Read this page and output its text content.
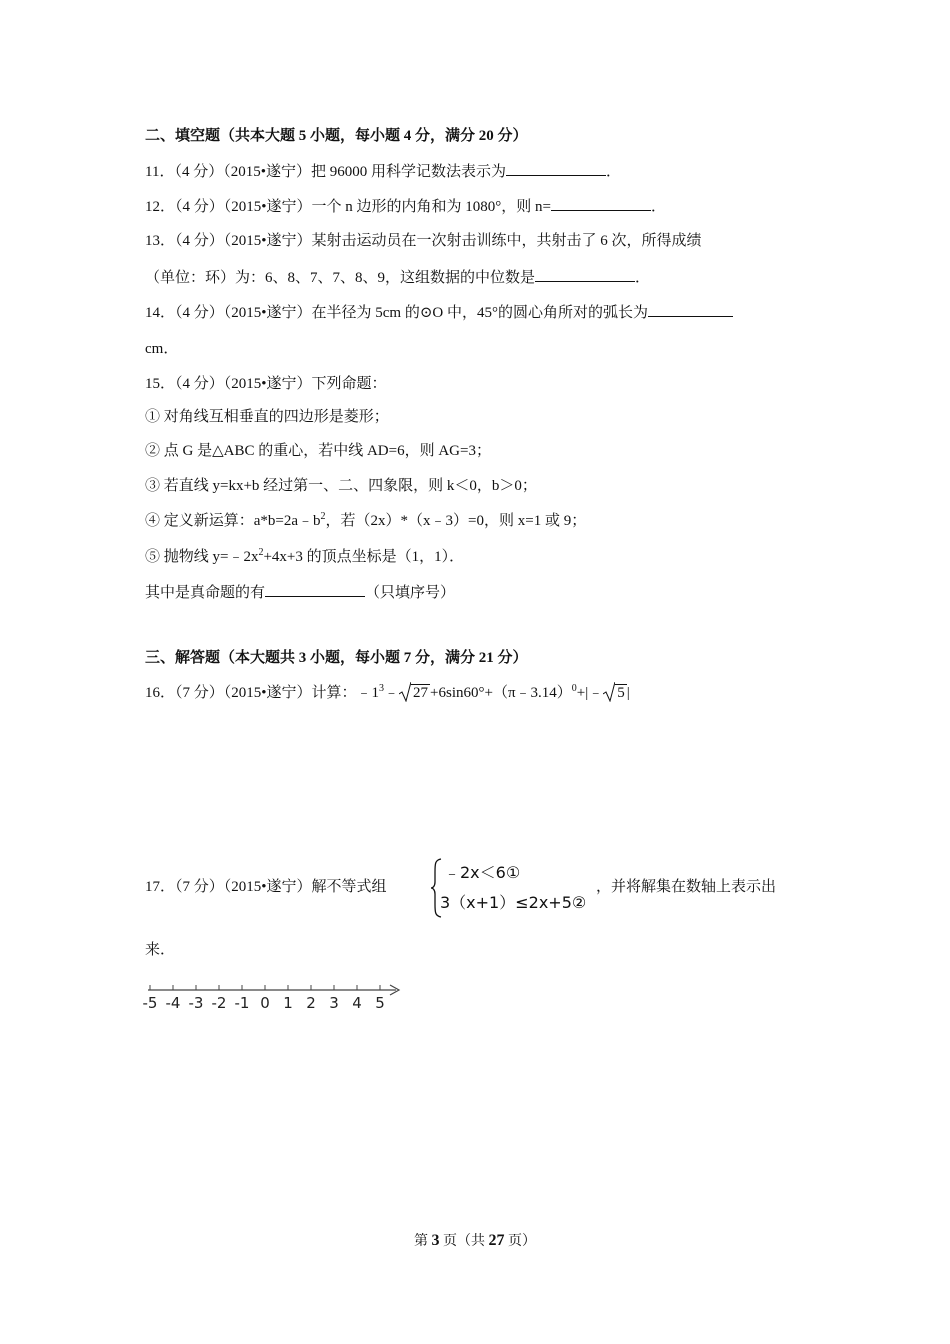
二、填空题（共本大题 5 小题，每小题 4 分，满分 20 分）
11．（4 分）（2015•遂宁）把 96000 用科学记数法表示为	．
12．（4 分）（2015•遂宁）一个 n 边形的内角和为 1080°，则 n=	．
13．（4 分）（2015•遂宁）某射击运动员在一次射击训练中，共射击了 6 次，所得成绩
（单位：环）为：6、8、7、7、8、9，这组数据的中位数是	．
14．（4 分）（2015•遂宁）在半径为 5cm 的⊙O 中，45°的圆心角所对的弧长为
cm．
15．（4 分）（2015•遂宁）下列命题：
① 对角线互相垂直的四边形是菱形；
② 点 G 是△ABC 的重心，若中线 AD=6，则 AG=3；
③ 若直线 y=kx+b 经过第一、二、四象限，则 k＜0，b＞0；
④ 定义新运算：$a*b=2a﹣b^2$，若（2x）*（x﹣3）=0，则 x=1 或 9；
⑤ 抛物线 $y=﹣2x^2+4x+3$ 的顶点坐标是（1，1）．
其中是真命题的有	（只填序号）
三、解答题（本大题共 3 小题，每小题 7 分，满分 21 分）
16．（7 分）（2015•遂宁）计算：$﹣1^3﹣$ 27 +6sin60°+（π﹣3.14）$^0$+|﹣ 5 |
17．（7 分）（2015•遂宁）解不等式组
﹣2x＜6①
3（x+1）≤2x+5②
，并将解集在数轴上表示出
来．
-5 -4 -3 -2 -1 0 1 2 3 4 5
第 3 页（共 27 页）
